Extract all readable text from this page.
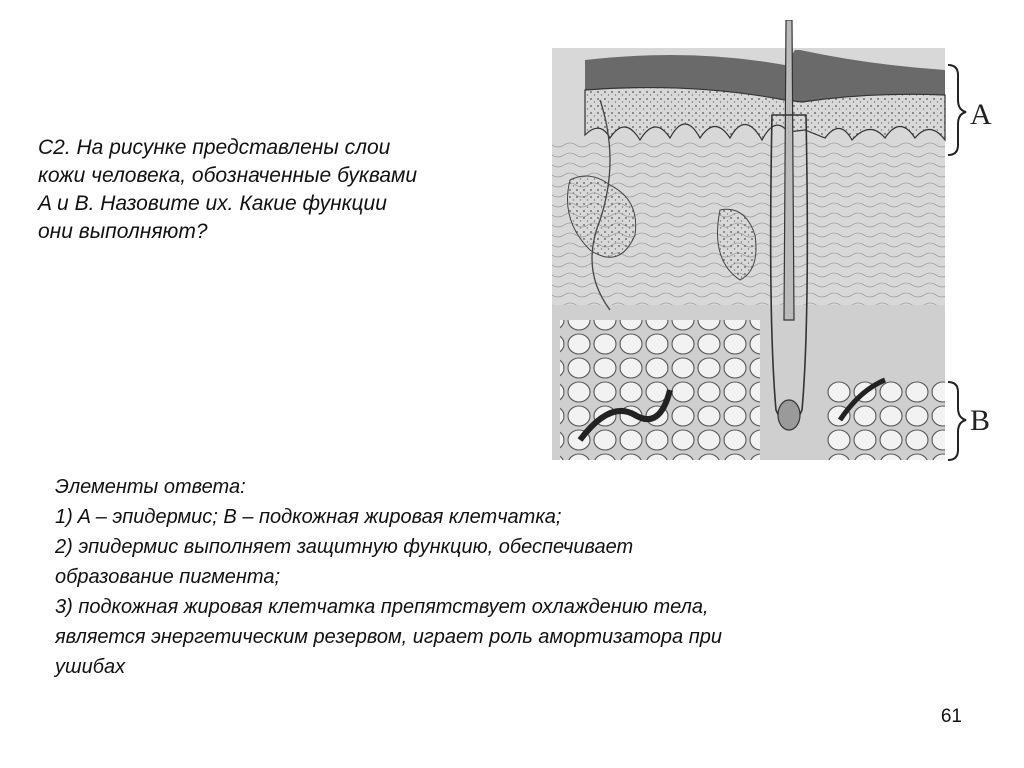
С2. На рисунке представлены слои
кожи человека, обозначенные буквами
A и B. Назовите их. Какие функции
они выполняют?
A
B
Элементы ответа:
1) A – эпидермис; B – подкожная жировая клетчатка;
2) эпидермис выполняет защитную функцию, обеспечивает
образование пигмента;
3) подкожная жировая клетчатка препятствует охлаждению тела,
является энергетическим резервом, играет роль амортизатора при
ушибах
61
